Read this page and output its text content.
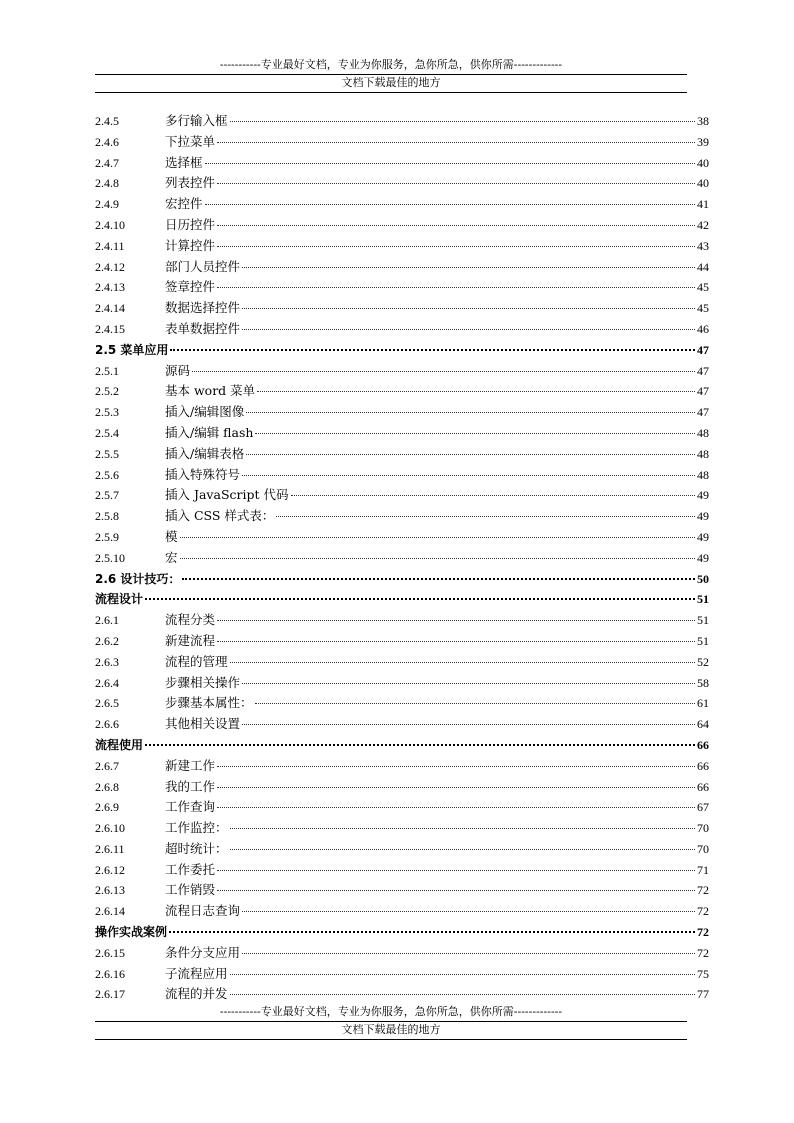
-----------专业最好文档，专业为你服务，急你所急，供你所需-------------
文档下载最佳的地方
2.4.5	多行输入框	38
2.4.6	下拉菜单	39
2.4.7	选择框	40
2.4.8	列表控件	40
2.4.9	宏控件	41
2.4.10	日历控件	42
2.4.11	计算控件	43
2.4.12	部门人员控件	44
2.4.13	签章控件	45
2.4.14	数据选择控件	45
2.4.15	表单数据控件	46
2.5 菜单应用	47
2.5.1	源码	47
2.5.2	基本 word 菜单	47
2.5.3	插入/编辑图像	47
2.5.4	插入/编辑 flash	48
2.5.5	插入/编辑表格	48
2.5.6	插入特殊符号	48
2.5.7	插入 JavaScript 代码	49
2.5.8	插入 CSS 样式表：	49
2.5.9	模	49
2.5.10	宏	49
2.6 设计技巧：	50
流程设计	51
2.6.1	流程分类	51
2.6.2	新建流程	51
2.6.3	流程的管理	52
2.6.4	步骤相关操作	58
2.6.5	步骤基本属性：	61
2.6.6	其他相关设置	64
流程使用	66
2.6.7	新建工作	66
2.6.8	我的工作	66
2.6.9	工作查询	67
2.6.10	工作监控：	70
2.6.11	超时统计：	70
2.6.12	工作委托	71
2.6.13	工作销毁	72
2.6.14	流程日志查询	72
操作实战案例	72
2.6.15	条件分支应用	72
2.6.16	子流程应用	75
2.6.17	流程的并发	77
-----------专业最好文档，专业为你服务，急你所急，供你所需-------------
文档下载最佳的地方
